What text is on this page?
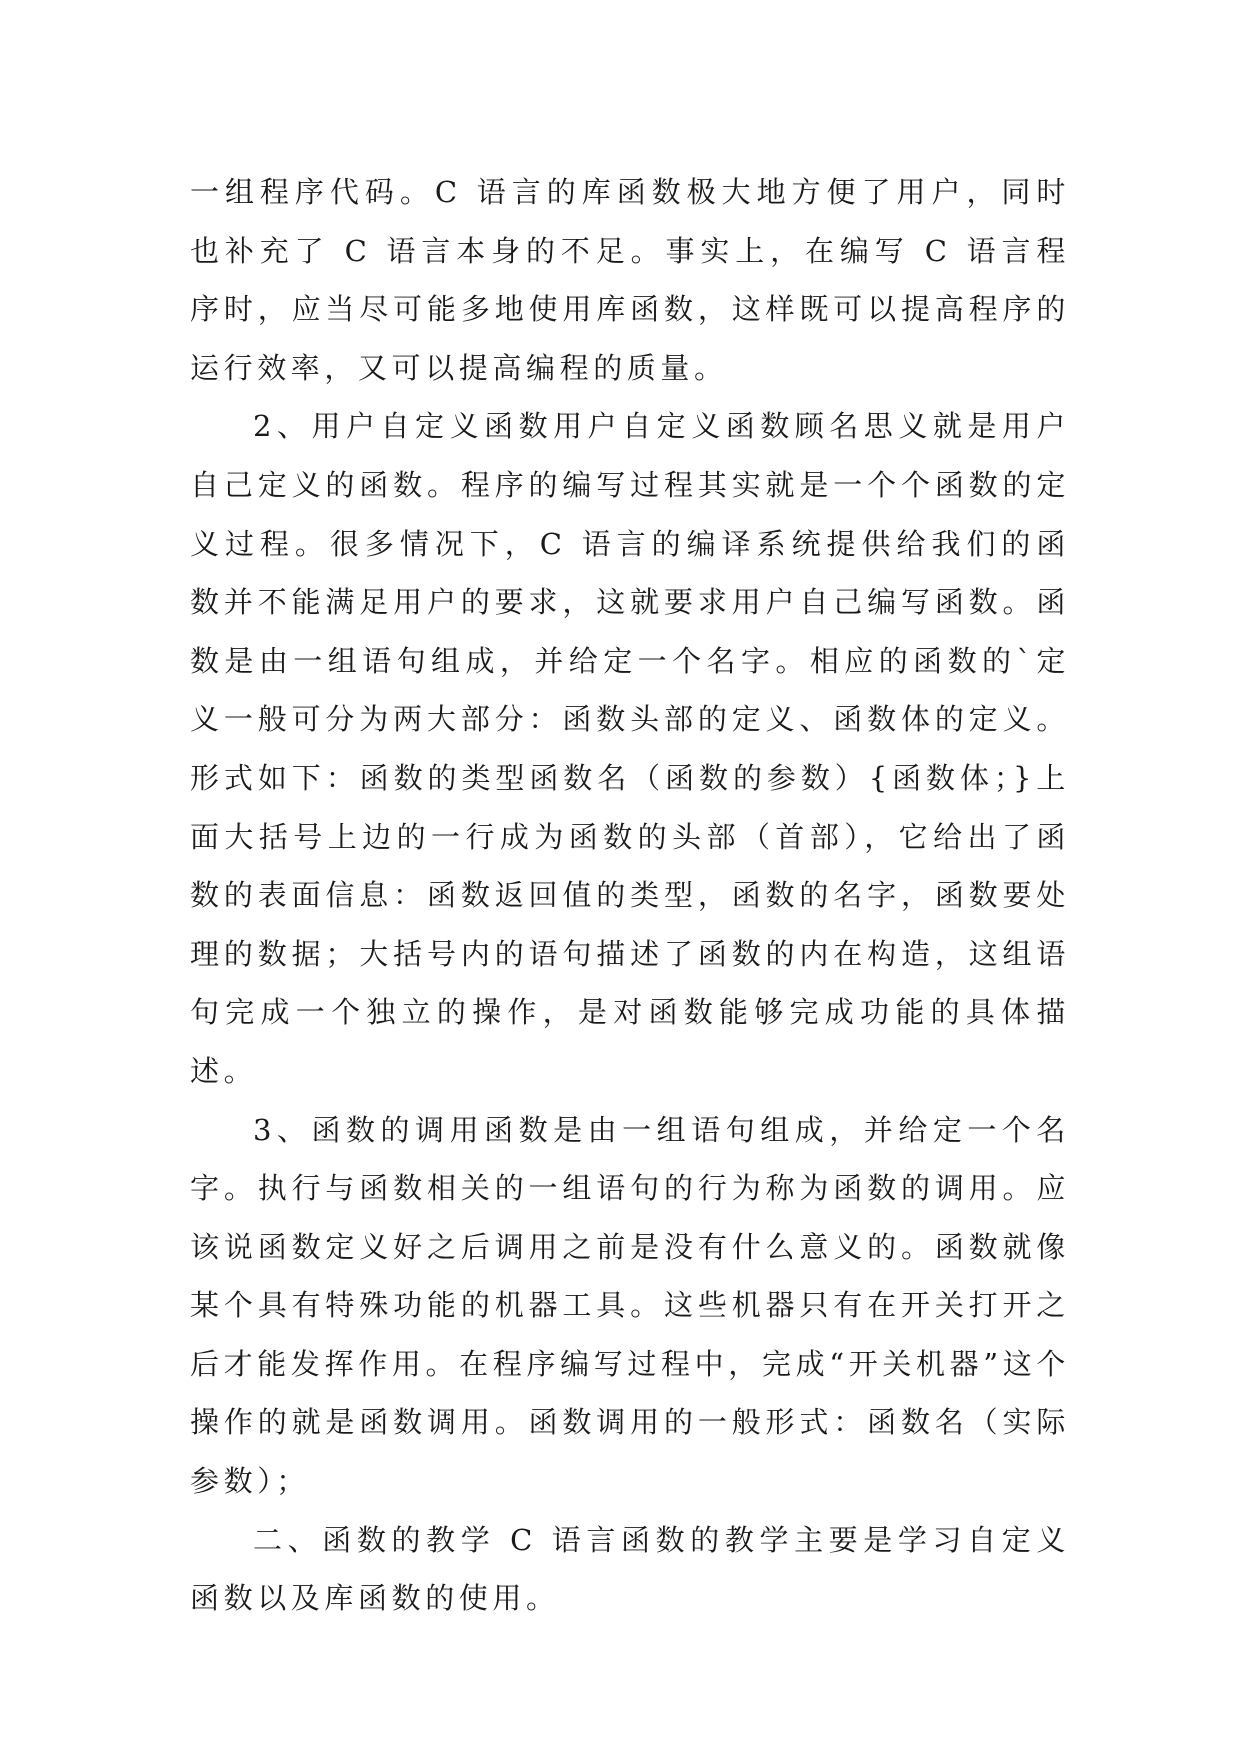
一组程序代码。C 语言的库函数极大地方便了用户，同时也补充了 C 语言本身的不足。事实上，在编写 C 语言程序时，应当尽可能多地使用库函数，这样既可以提高程序的运行效率，又可以提高编程的质量。

2、用户自定义函数用户自定义函数顾名思义就是用户自己定义的函数。程序的编写过程其实就是一个个函数的定义过程。很多情况下，C 语言的编译系统提供给我们的函数并不能满足用户的要求，这就要求用户自己编写函数。函数是由一组语句组成，并给定一个名字。相应的函数的`定义一般可分为两大部分：函数头部的定义、函数体的定义。形式如下：函数的类型函数名（函数的参数）{函数体；}上面大括号上边的一行成为函数的头部（首部），它给出了函数的表面信息：函数返回值的类型，函数的名字，函数要处理的数据；大括号内的语句描述了函数的内在构造，这组语句完成一个独立的操作，是对函数能够完成功能的具体描述。

3、函数的调用函数是由一组语句组成，并给定一个名字。执行与函数相关的一组语句的行为称为函数的调用。应该说函数定义好之后调用之前是没有什么意义的。函数就像某个具有特殊功能的机器工具。这些机器只有在开关打开之后才能发挥作用。在程序编写过程中，完成“开关机器”这个操作的就是函数调用。函数调用的一般形式：函数名（实际参数）；

二、函数的教学 C 语言函数的教学主要是学习自定义函数以及库函数的使用。
